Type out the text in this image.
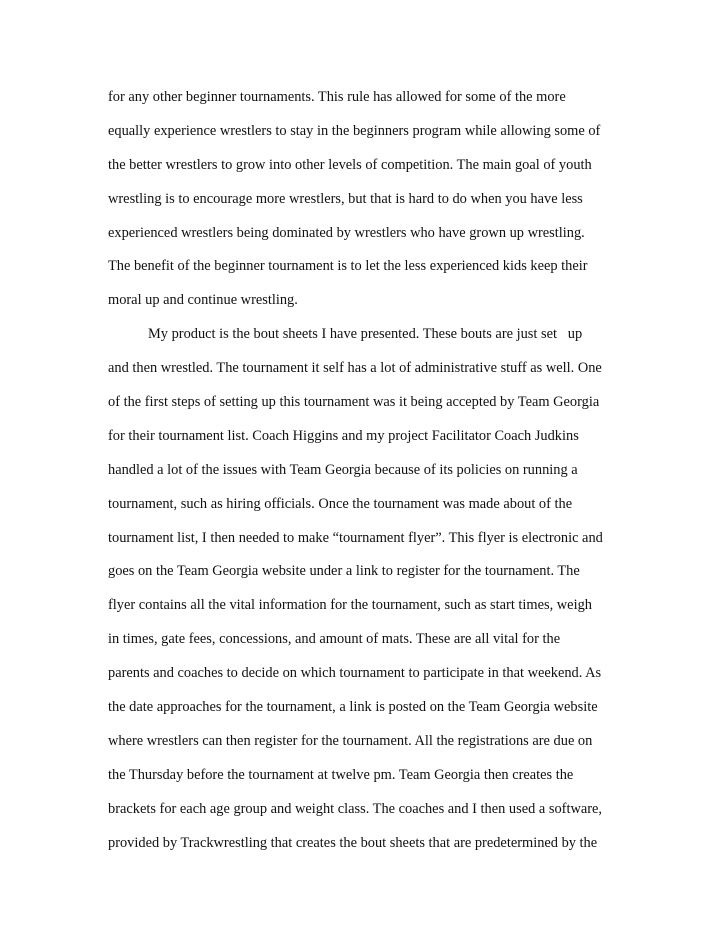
for any other beginner tournaments. This rule has allowed for some of the more
equally experience wrestlers to stay in the beginners program while allowing some of
the better wrestlers to grow into other levels of competition. The main goal of youth
wrestling is to encourage more wrestlers, but that is hard to do when you have less
experienced wrestlers being dominated by wrestlers who have grown up wrestling.
The benefit of the beginner tournament is to let the less experienced kids keep their
moral up and continue wrestling.
My product is the bout sheets I have presented. These bouts are just set   up
and then wrestled. The tournament it self has a lot of administrative stuff as well. One
of the first steps of setting up this tournament was it being accepted by Team Georgia
for their tournament list. Coach Higgins and my project Facilitator Coach Judkins
handled a lot of the issues with Team Georgia because of its policies on running a
tournament, such as hiring officials. Once the tournament was made about of the
tournament list, I then needed to make “tournament flyer”. This flyer is electronic and
goes on the Team Georgia website under a link to register for the tournament. The
flyer contains all the vital information for the tournament, such as start times, weigh
in times, gate fees, concessions, and amount of mats. These are all vital for the
parents and coaches to decide on which tournament to participate in that weekend. As
the date approaches for the tournament, a link is posted on the Team Georgia website
where wrestlers can then register for the tournament. All the registrations are due on
the Thursday before the tournament at twelve pm. Team Georgia then creates the
brackets for each age group and weight class. The coaches and I then used a software,
provided by Trackwrestling that creates the bout sheets that are predetermined by the
